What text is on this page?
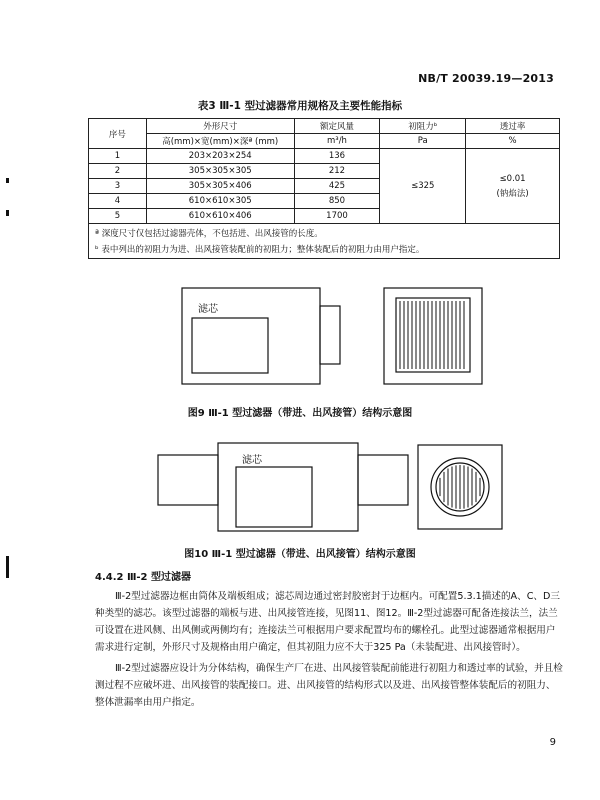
NB/T 20039.19—2013
表3 Ⅲ-1 型过滤器常用规格及主要性能指标
序号	外形尺寸	额定风量	初阻力ᵇ	透过率
	高(mm)×宽(mm)×深ª (mm)	m³/h	Pa	%
1	203×203×254	136	≤325	≤0.01
(钠焰法)

2	305×305×305	212		
3	305×305×406	425		
4	610×610×305	850		
5	610×610×406	1700		

ª 深度尺寸仅包括过滤器壳体，不包括进、出风接管的长度。
ᵇ 表中列出的初阻力为进、出风接管装配前的初阻力；整体装配后的初阻力由用户指定。				
滤芯
图9 Ⅲ-1 型过滤器（带进、出风接管）结构示意图
滤芯
图10 Ⅲ-1 型过滤器（带进、出风接管）结构示意图
4.4.2 Ⅲ-2 型过滤器

Ⅲ-2型过滤器边框由筒体及端板组成；滤芯周边通过密封胶密封于边框内。可配置5.3.1描述的A、C、D三种类型的滤芯。该型过滤器的端板与进、出风接管连接，见图11、图12。Ⅲ-2型过滤器可配备连接法兰，法兰可设置在进风侧、出风侧或两侧均有；连接法兰可根据用户要求配置均布的螺栓孔。此型过滤器通常根据用户需求进行定制，外形尺寸及规格由用户确定，但其初阻力应不大于325 Pa（未装配进、出风接管时）。

Ⅲ-2型过滤器应设计为分体结构，确保生产厂在进、出风接管装配前能进行初阻力和透过率的试验，并且检测过程不应破坏进、出风接管的装配接口。进、出风接管的结构形式以及进、出风接管整体装配后的初阻力、整体泄漏率由用户指定。

9
